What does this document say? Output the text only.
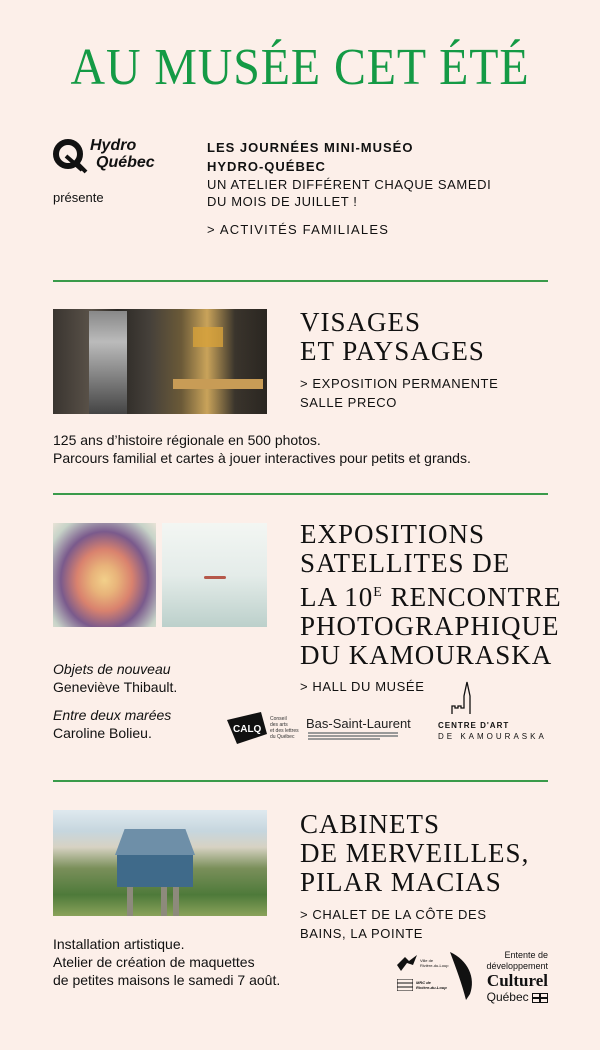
AU MUSÉE CET ÉTÉ
Hydro
Québec
présente
LES JOURNÉES MINI-MUSÉO
HYDRO-QUÉBEC
UN ATELIER DIFFÉRENT CHAQUE SAMEDI
DU MOIS DE JUILLET !
> ACTIVITÉS FAMILIALES
VISAGES
ET PAYSAGES
> EXPOSITION PERMANENTE
SALLE PRECO
125 ans d’histoire régionale en 500 photos.
Parcours familial et cartes à jouer interactives pour petits et grands.
EXPOSITIONS
SATELLITES DE
LA $10^E$ RENCONTRE
PHOTOGRAPHIQUE
DU KAMOURASKA
> HALL DU MUSÉE
Objets de nouveau
Geneviève Thibault.
Entre deux marées
Caroline Bolieu.	CALQ
Conseil
des arts
et des lettres
du Québec
Bas-Saint-Laurent	CENTRE D'ART
DE KAMOURASKA
CABINETS
DE MERVEILLES,
PILAR MACIAS
> CHALET DE LA CÔTE DES
BAINS, LA POINTE
Installation artistique.
Atelier de création de maquettes
de petites maisons le samedi 7 août.
Ville de
Rivière-du-Loup
MRC de
Rivière-du-Loup
Entente de
développement
Culturel
Québec
